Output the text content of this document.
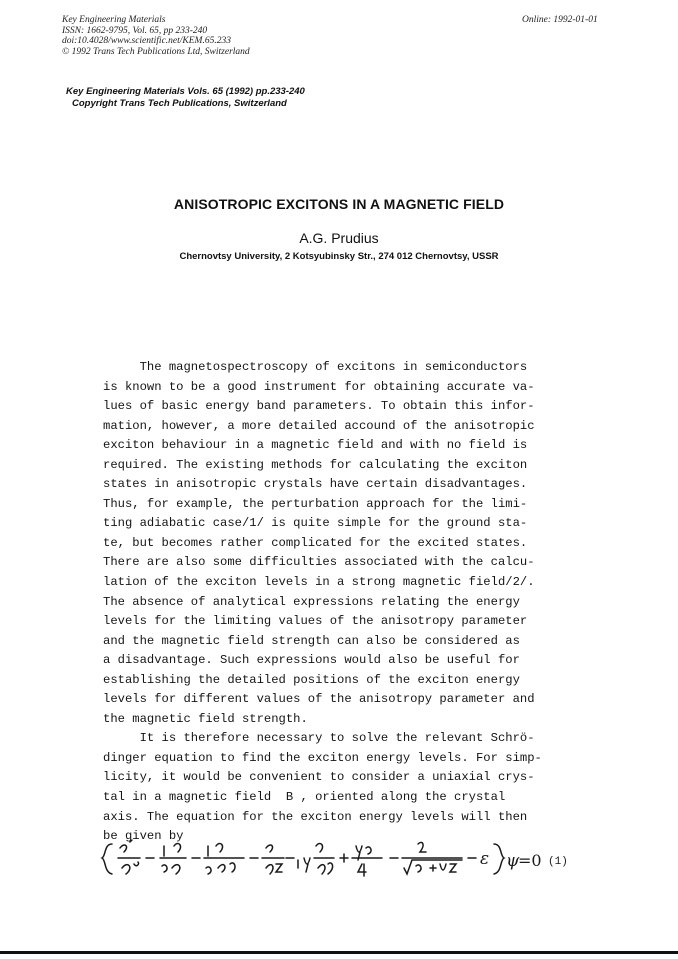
Key Engineering Materials
ISSN: 1662-9795, Vol. 65, pp 233-240
doi:10.4028/www.scientific.net/KEM.65.233
© 1992 Trans Tech Publications Ltd, Switzerland
Online: 1992-01-01
Key Engineering Materials Vols. 65 (1992) pp.233-240
Copyright Trans Tech Publications, Switzerland
ANISOTROPIC EXCITONS IN A MAGNETIC FIELD
A.G. Prudius
Chernovtsy University, 2 Kotsyubinsky Str., 274 012 Chernovtsy, USSR
The magnetospectroscopy of excitons in semiconductors
is known to be a good instrument for obtaining accurate va-
lues of basic energy band parameters. To obtain this infor-
mation, however, a more detailed accound of the anisotropic
exciton behaviour in a magnetic field and with no field is
required. The existing methods for calculating the exciton
states in anisotropic crystals have certain disadvantages.
Thus, for example, the perturbation approach for the limi-
ting adiabatic case/1/ is quite simple for the ground sta-
te, but becomes rather complicated for the excited states.
There are also some difficulties associated with the calcu-
lation of the exciton levels in a strong magnetic field/2/.
The absence of analytical expressions relating the energy
levels for the limiting values of the anisotropy parameter
and the magnetic field strength can also be considered as
a disadvantage. Such expressions would also be useful for
establishing the detailed positions of the exciton energy
levels for different values of the anisotropy parameter and
the magnetic field strength.
It is therefore necessary to solve the relevant Schrö-
dinger equation to find the exciton energy levels. For simp-
licity, it would be convenient to consider a uniaxial crys-
tal in a magnetic field  B , oriented along the crystal
axis. The equation for the exciton energy levels will then
be given by
ε ψ
=0 (1)
